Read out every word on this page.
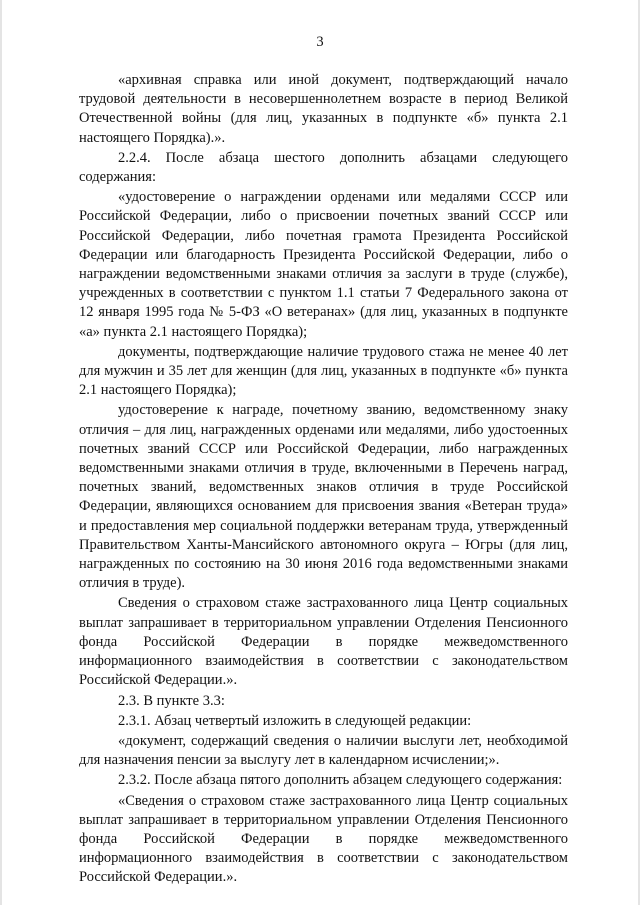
3

«архивная справка или иной документ, подтверждающий начало трудовой деятельности в несовершеннолетнем возрасте в период Великой Отечественной войны (для лиц, указанных в подпункте «б» пункта 2.1 настоящего Порядка).».

2.2.4. После абзаца шестого дополнить абзацами следующего содержания:

«удостоверение о награждении орденами или медалями СССР или Российской Федерации, либо о присвоении почетных званий СССР или Российской Федерации, либо почетная грамота Президента Российской Федерации или благодарность Президента Российской Федерации, либо о награждении ведомственными знаками отличия за заслуги в труде (службе), учрежденных в соответствии с пунктом 1.1 статьи 7 Федерального закона от 12 января 1995 года № 5-ФЗ «О ветеранах» (для лиц, указанных в подпункте «а» пункта 2.1 настоящего Порядка);

документы, подтверждающие наличие трудового стажа не менее 40 лет для мужчин и 35 лет для женщин (для лиц, указанных в подпункте «б» пункта 2.1 настоящего Порядка);

удостоверение к награде, почетному званию, ведомственному знаку отличия – для лиц, награжденных орденами или медалями, либо удостоенных почетных званий СССР или Российской Федерации, либо награжденных ведомственными знаками отличия в труде, включенными в Перечень наград, почетных званий, ведомственных знаков отличия в труде Российской Федерации, являющихся основанием для присвоения звания «Ветеран труда» и предоставления мер социальной поддержки ветеранам труда, утвержденный Правительством Ханты-Мансийского автономного округа – Югры (для лиц, награжденных по состоянию на 30 июня 2016 года ведомственными знаками отличия в труде).

Сведения о страховом стаже застрахованного лица Центр социальных выплат запрашивает в территориальном управлении Отделения Пенсионного фонда Российской Федерации в порядке межведомственного информационного взаимодействия в соответствии с законодательством Российской Федерации.».

2.3. В пункте 3.3:

2.3.1. Абзац четвертый изложить в следующей редакции:

«документ, содержащий сведения о наличии выслуги лет, необходимой для назначения пенсии за выслугу лет в календарном исчислении;».

2.3.2. После абзаца пятого дополнить абзацем следующего содержания:

«Сведения о страховом стаже застрахованного лица Центр социальных выплат запрашивает в территориальном управлении Отделения Пенсионного фонда Российской Федерации в порядке межведомственного информационного взаимодействия в соответствии с законодательством Российской Федерации.».
